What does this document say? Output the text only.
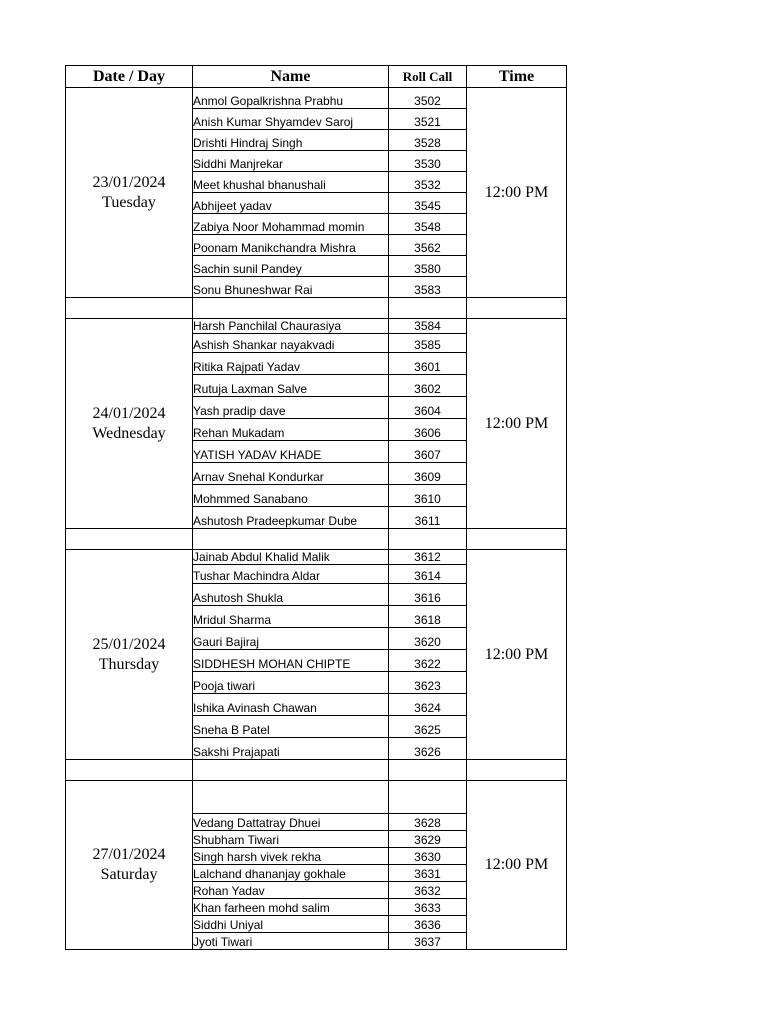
Date / Day	Name	Roll Call	Time

23/01/2024
Tuesday	Anmol Gopalkrishna Prabhu	3502	12:00 PM
	Anish Kumar Shyamdev Saroj	3521	
	Drishti Hindraj Singh	3528	
	Siddhi Manjrekar	3530	
	Meet khushal bhanushali	3532	
	Abhijeet yadav	3545	
	Zabiya Noor Mohammad momin	3548	
	Poonam Manikchandra Mishra	3562	
	Sachin sunil Pandey	3580	
	Sonu Bhuneshwar Rai	3583	

24/01/2024
Wednesday	Harsh Panchilal Chaurasiya	3584	12:00 PM
	Ashish Shankar nayakvadi	3585	
	Ritika Rajpati Yadav	3601	
	Rutuja Laxman Salve	3602	
	Yash pradip dave	3604	
	Rehan Mukadam	3606	
	YATISH YADAV KHADE	3607	
	Arnav Snehal Kondurkar	3609	
	Mohmmed Sanabano	3610	
	Ashutosh Pradeepkumar Dube	3611	

25/01/2024
Thursday	Jainab Abdul Khalid Malik	3612	12:00 PM
	Tushar Machindra Aldar	3614	
	Ashutosh Shukla	3616	
	Mridul Sharma	3618	
	Gauri Bajiraj	3620	
	SIDDHESH MOHAN CHIPTE	3622	
	Pooja tiwari	3623	
	Ishika Avinash Chawan	3624	
	Sneha B Patel	3625	
	Sakshi Prajapati	3626	

27/01/2024
Saturday			12:00 PM
	Vedang Dattatray Dhuei	3628	
	Shubham Tiwari	3629	
	Singh harsh vivek rekha	3630	
	Lalchand dhananjay gokhale	3631	
	Rohan Yadav	3632	
	Khan farheen mohd salim	3633	
	Siddhi Uniyal	3636	
	Jyoti Tiwari	3637	
